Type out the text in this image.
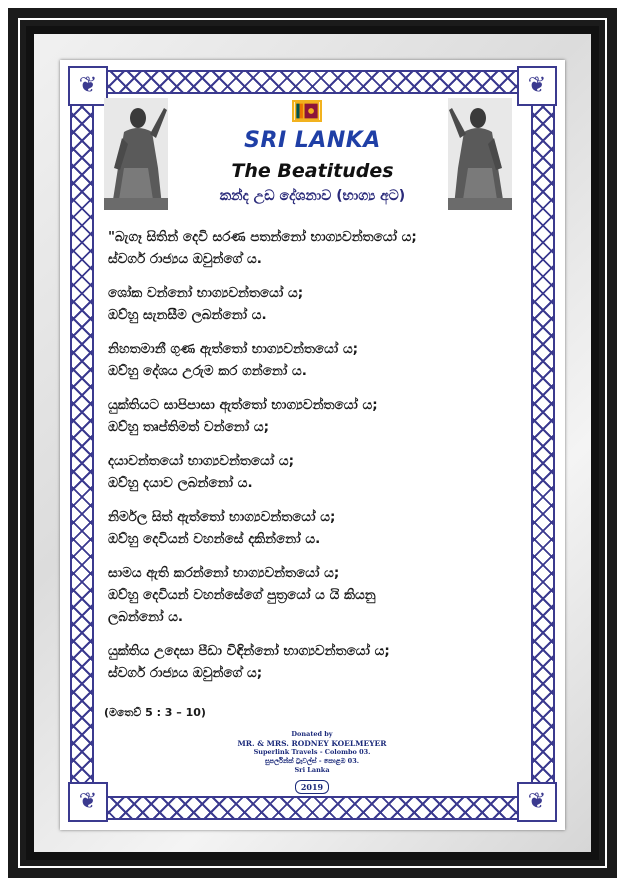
❦	❦
❦	❦
SRI LANKA
The Beatitudes
කන්ද උඩ දේශනාව (භාග්‍ය අට)
"බැගෑ සිතින් දෙවි සරණ පතන්නෝ භාග්‍යවන්තයෝ ය;
ස්වර්ග රාජ්‍යය ඔවුන්ගේ ය.
ශෝක වන්නෝ භාග්‍යවන්තයෝ ය;
ඔව්හු සැනසීම ලබන්නෝ ය.
නිහතමානී ගුණ ඇත්තෝ භාග්‍යවන්තයෝ ය;
ඔව්හු දේශය උරුම කර ගන්නෝ ය.
යුක්තියට සාපිපාසා ඇත්තෝ භාග්‍යවන්තයෝ ය;
ඔව්හු තෘප්තිමත් වන්නෝ ය;
දයාවන්තයෝ භාග්‍යවන්තයෝ ය;
ඔව්හු දයාව ලබන්නෝ ය.
නිර්මල සිත් ඇත්තෝ භාග්‍යවන්තයෝ ය;
ඔව්හු දෙවියන් වහන්සේ දකින්නෝ ය.
සාමය ඇති කරන්නෝ භාග්‍යවන්තයෝ ය;
ඔව්හු දෙවියන් වහන්සේගේ පුත්‍රයෝ ය යි කියනු
ලබන්නෝ ය.
යුක්තිය උදෙසා පීඩා විඳින්නෝ භාග්‍යවන්තයෝ ය;
ස්වර්ග රාජ්‍යය ඔවුන්ගේ ය;
(මතෙව් 5 : 3 – 10)
Donated by
MR. & MRS. RODNEY KOELMEYER
Superlink Travels - Colombo 03.
සුපර්ලින්ක් ට්‍රැවල්ස් - කොළඹ 03.
Sri Lanka
2019
